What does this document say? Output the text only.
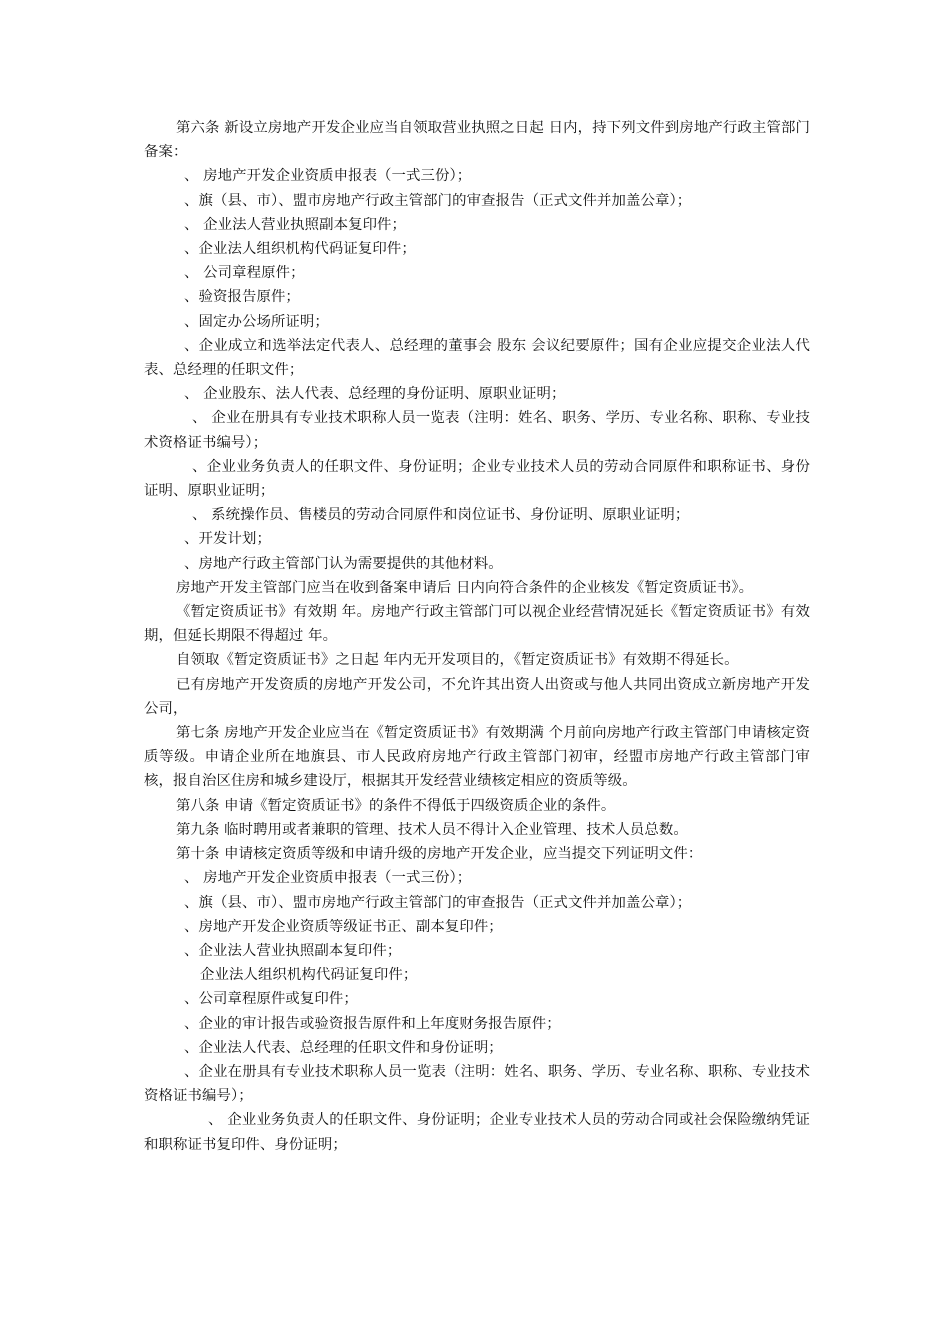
第六条 新设立房地产开发企业应当自领取营业执照之日起 日内，持下列文件到房地产行政主管部门备案：

、 房地产开发企业资质申报表（一式三份）；

、旗（县、市）、盟市房地产行政主管部门的审查报告（正式文件并加盖公章）；

、 企业法人营业执照副本复印件；

、企业法人组织机构代码证复印件；

、 公司章程原件；

、验资报告原件；

、固定办公场所证明；

、企业成立和选举法定代表人、总经理的董事会 股东 会议纪要原件；国有企业应提交企业法人代表、总经理的任职文件；

、 企业股东、法人代表、总经理的身份证明、原职业证明；

、 企业在册具有专业技术职称人员一览表（注明：姓名、职务、学历、专业名称、职称、专业技术资格证书编号）；

、企业业务负责人的任职文件、身份证明；企业专业技术人员的劳动合同原件和职称证书、身份证明、原职业证明；

、 系统操作员、售楼员的劳动合同原件和岗位证书、身份证明、原职业证明；

、开发计划；

、房地产行政主管部门认为需要提供的其他材料。

房地产开发主管部门应当在收到备案申请后 日内向符合条件的企业核发《暂定资质证书》。

《暂定资质证书》有效期 年。房地产行政主管部门可以视企业经营情况延长《暂定资质证书》有效期，但延长期限不得超过 年。

自领取《暂定资质证书》之日起 年内无开发项目的，《暂定资质证书》有效期不得延长。

已有房地产开发资质的房地产开发公司，不允许其出资人出资或与他人共同出资成立新房地产开发公司，

第七条 房地产开发企业应当在《暂定资质证书》有效期满 个月前向房地产行政主管部门申请核定资质等级。申请企业所在地旗县、市人民政府房地产行政主管部门初审，经盟市房地产行政主管部门审核，报自治区住房和城乡建设厅，根据其开发经营业绩核定相应的资质等级。

第八条 申请《暂定资质证书》的条件不得低于四级资质企业的条件。

第九条 临时聘用或者兼职的管理、技术人员不得计入企业管理、技术人员总数。

第十条 申请核定资质等级和申请升级的房地产开发企业，应当提交下列证明文件：

、 房地产开发企业资质申报表（一式三份）；

、旗（县、市）、盟市房地产行政主管部门的审查报告（正式文件并加盖公章）；

、房地产开发企业资质等级证书正、副本复印件；

、企业法人营业执照副本复印件；

企业法人组织机构代码证复印件；

、公司章程原件或复印件；

、企业的审计报告或验资报告原件和上年度财务报告原件；

、企业法人代表、总经理的任职文件和身份证明；

、企业在册具有专业技术职称人员一览表（注明：姓名、职务、学历、专业名称、职称、专业技术资格证书编号）；

、 企业业务负责人的任职文件、身份证明；企业专业技术人员的劳动合同或社会保险缴纳凭证和职称证书复印件、身份证明；
